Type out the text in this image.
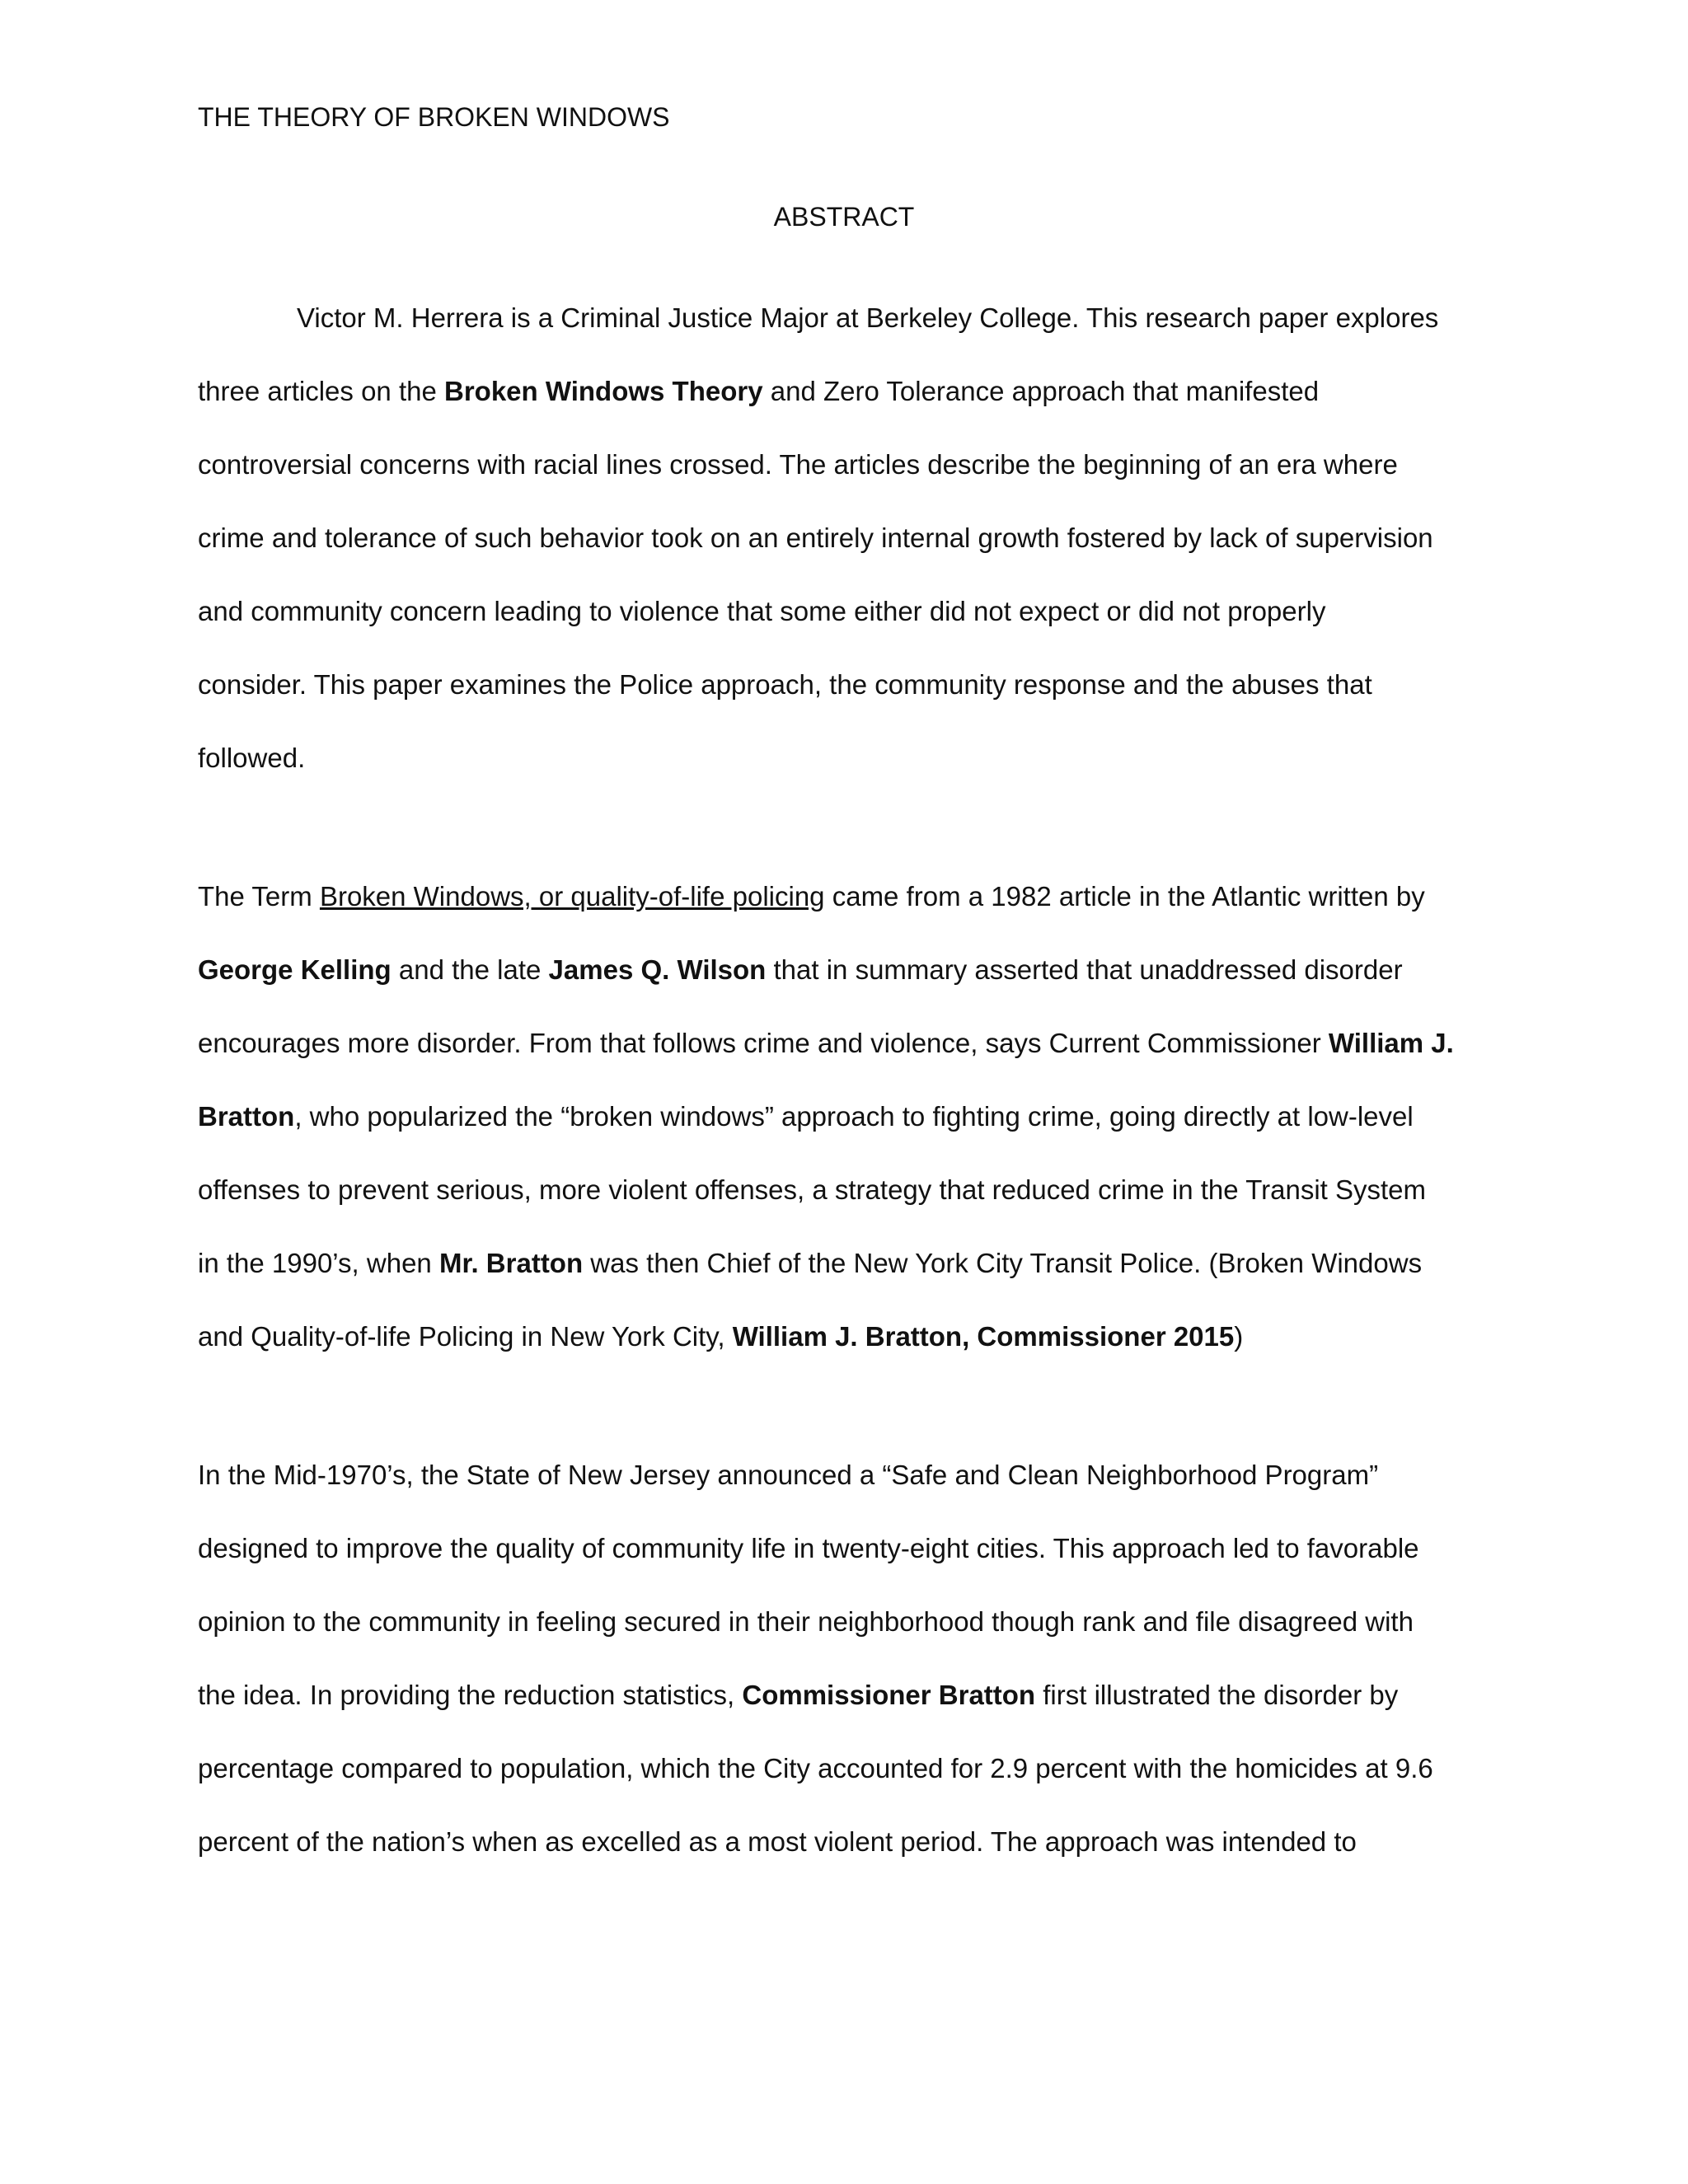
THE THEORY OF BROKEN WINDOWS
ABSTRACT
Victor M. Herrera is a Criminal Justice Major at Berkeley College. This research paper explores
three articles on the Broken Windows Theory and Zero Tolerance approach that manifested
controversial concerns with racial lines crossed. The articles describe the beginning of an era where
crime and tolerance of such behavior took on an entirely internal growth fostered by lack of supervision
and community concern leading to violence that some either did not expect or did not properly
consider. This paper examines the Police approach, the community response and the abuses that
followed.
The Term Broken Windows, or quality-of-life policing came from a 1982 article in the Atlantic written by
George Kelling and the late James Q. Wilson that in summary asserted that unaddressed disorder
encourages more disorder. From that follows crime and violence, says Current Commissioner William J.
Bratton, who popularized the “broken windows” approach to fighting crime, going directly at low-level
offenses to prevent serious, more violent offenses, a strategy that reduced crime in the Transit System
in the 1990’s, when Mr. Bratton was then Chief of the New York City Transit Police. (Broken Windows
and Quality-of-life Policing in New York City, William J. Bratton, Commissioner 2015)
In the Mid-1970’s, the State of New Jersey announced a “Safe and Clean Neighborhood Program”
designed to improve the quality of community life in twenty-eight cities. This approach led to favorable
opinion to the community in feeling secured in their neighborhood though rank and file disagreed with
the idea. In providing the reduction statistics, Commissioner Bratton first illustrated the disorder by
percentage compared to population, which the City accounted for 2.9 percent with the homicides at 9.6
percent of the nation’s when as excelled as a most violent period. The approach was intended to
